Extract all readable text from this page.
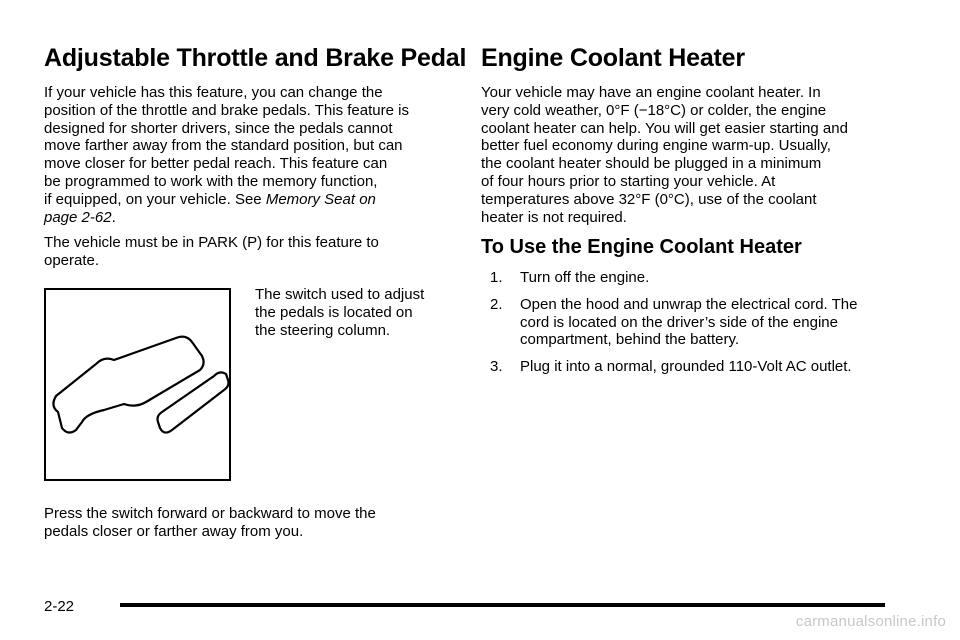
Adjustable Throttle and Brake Pedal

If your vehicle has this feature, you can change the
position of the throttle and brake pedals. This feature is
designed for shorter drivers, since the pedals cannot
move farther away from the standard position, but can
move closer for better pedal reach. This feature can
be programmed to work with the memory function,
if equipped, on your vehicle. See Memory Seat on
page 2-62.

The vehicle must be in PARK (P) for this feature to
operate.

The switch used to adjust
the pedals is located on
the steering column.

Press the switch forward or backward to move the
pedals closer or farther away from you.

Engine Coolant Heater

Your vehicle may have an engine coolant heater. In
very cold weather, 0°F (−18°C) or colder, the engine
coolant heater can help. You will get easier starting and
better fuel economy during engine warm-up. Usually,
the coolant heater should be plugged in a minimum
of four hours prior to starting your vehicle. At
temperatures above 32°F (0°C), use of the coolant
heater is not required.

To Use the Engine Coolant Heater
1. Turn off the engine.
2. Open the hood and unwrap the electrical cord. The
cord is located on the driver’s side of the engine
compartment, behind the battery.
3. Plug it into a normal, grounded 110-Volt AC outlet.
2-22
carmanualsonline.info
